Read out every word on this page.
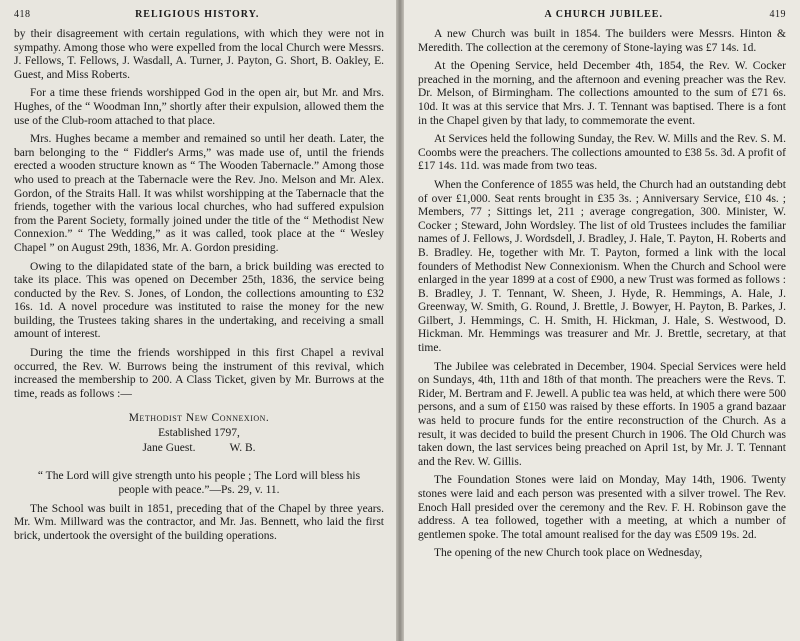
418	RELIGIOUS HISTORY.

by their disagreement with certain regulations, with which they were not in sympathy. Among those who were expelled from the local Church were Messrs. J. Fellows, T. Fellows, J. Wasdall, A. Turner, J. Payton, G. Short, B. Oakley, E. Guest, and Miss Roberts.

For a time these friends worshipped God in the open air, but Mr. and Mrs. Hughes, of the “ Woodman Inn,” shortly after their expulsion, allowed them the use of the Club-room attached to that place.

Mrs. Hughes became a member and remained so until her death. Later, the barn belonging to the “ Fiddler's Arms,” was made use of, until the friends erected a wooden structure known as “ The Wooden Tabernacle.” Among those who used to preach at the Tabernacle were the Rev. Jno. Melson and Mr. Alex. Gordon, of the Straits Hall. It was whilst worshipping at the Tabernacle that the friends, together with the various local churches, who had suffered expulsion from the Parent Society, formally joined under the title of the “ Methodist New Connexion.” “ The Wedding,” as it was called, took place at the “ Wesley Chapel ” on August 29th, 1836, Mr. A. Gordon presiding.

Owing to the dilapidated state of the barn, a brick building was erected to take its place. This was opened on December 25th, 1836, the service being conducted by the Rev. S. Jones, of London, the collections amounting to £32 16s. 1d. A novel procedure was instituted to raise the money for the new building, the Trustees taking shares in the undertaking, and receiving a small amount of interest.

During the time the friends worshipped in this first Chapel a revival occurred, the Rev. W. Burrows being the instrument of this revival, which increased the membership to 200. A Class Ticket, given by Mr. Burrows at the time, reads as follows :—

Methodist New Connexion.
Established 1797,
Jane Guest.	W. B.
“ The Lord will give strength unto his people ; The Lord will bless his people with peace.”—Ps. 29, v. 11.

The School was built in 1851, preceding that of the Chapel by three years. Mr. Wm. Millward was the contractor, and Mr. Jas. Bennett, who laid the first brick, undertook the oversight of the building operations.

A CHURCH JUBILEE.	419

A new Church was built in 1854. The builders were Messrs. Hinton & Meredith. The collection at the ceremony of Stone-laying was £7 14s. 1d.

At the Opening Service, held December 4th, 1854, the Rev. W. Cocker preached in the morning, and the afternoon and evening preacher was the Rev. Dr. Melson, of Birmingham. The collections amounted to the sum of £71 6s. 10d. It was at this service that Mrs. J. T. Tennant was baptised. There is a font in the Chapel given by that lady, to commemorate the event.

At Services held the following Sunday, the Rev. W. Mills and the Rev. S. M. Coombs were the preachers. The collections amounted to £38 5s. 3d. A profit of £17 14s. 11d. was made from two teas.

When the Conference of 1855 was held, the Church had an outstanding debt of over £1,000. Seat rents brought in £35 3s. ; Anniversary Service, £10 4s. ; Members, 77 ; Sittings let, 211 ; average congregation, 300. Minister, W. Cocker ; Steward, John Wordsley. The list of old Trustees includes the familiar names of J. Fellows, J. Wordsdell, J. Bradley, J. Hale, T. Payton, H. Roberts and B. Bradley. He, together with Mr. T. Payton, formed a link with the local founders of Methodist New Connexionism. When the Church and School were enlarged in the year 1899 at a cost of £900, a new Trust was formed as follows : B. Bradley, J. T. Tennant, W. Sheen, J. Hyde, R. Hemmings, A. Hale, J. Greenway, W. Smith, G. Round, J. Brettle, J. Bowyer, H. Payton, B. Parkes, J. Gilbert, J. Hemmings, C. H. Smith, H. Hickman, J. Hale, S. Westwood, D. Hickman. Mr. Hemmings was treasurer and Mr. J. Brettle, secretary, at that time.

The Jubilee was celebrated in December, 1904. Special Services were held on Sundays, 4th, 11th and 18th of that month. The preachers were the Revs. T. Rider, M. Bertram and F. Jewell. A public tea was held, at which there were 500 persons, and a sum of £150 was raised by these efforts. In 1905 a grand bazaar was held to procure funds for the entire reconstruction of the Church. As a result, it was decided to build the present Church in 1906. The Old Church was taken down, the last services being preached on April 1st, by Mr. J. T. Tennant and the Rev. W. Gillis.

The Foundation Stones were laid on Monday, May 14th, 1906. Twenty stones were laid and each person was presented with a silver trowel. The Rev. Enoch Hall presided over the ceremony and the Rev. F. H. Robinson gave the address. A tea followed, together with a meeting, at which a number of gentlemen spoke. The total amount realised for the day was £509 19s. 2d.

The opening of the new Church took place on Wednesday,
